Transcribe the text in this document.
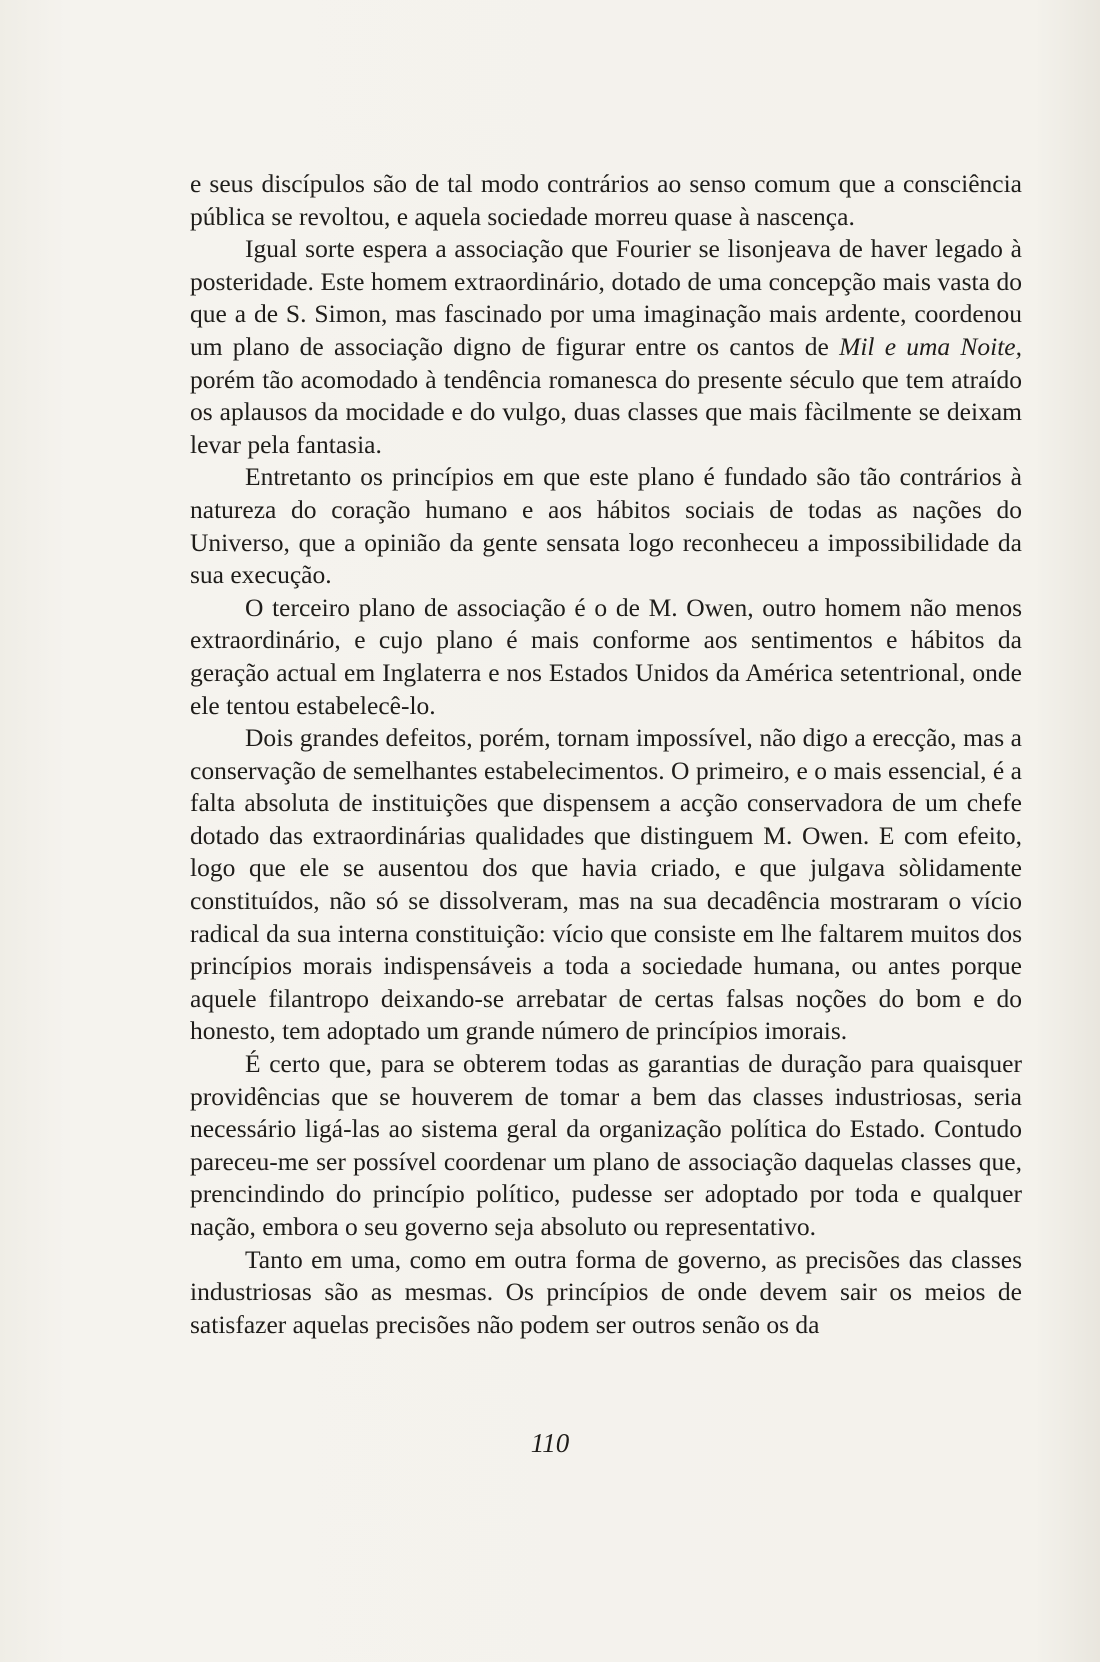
e seus discípulos são de tal modo contrários ao senso comum que a consciência pública se revoltou, e aquela sociedade morreu quase à nascença.

Igual sorte espera a associação que Fourier se lisonjeava de haver legado à posteridade. Este homem extraordinário, dotado de uma concepção mais vasta do que a de S. Simon, mas fascinado por uma imaginação mais ardente, coordenou um plano de associação digno de figurar entre os cantos de Mil e uma Noite, porém tão acomodado à tendência romanesca do presente século que tem atraído os aplausos da mocidade e do vulgo, duas classes que mais fàcilmente se deixam levar pela fantasia.

Entretanto os princípios em que este plano é fundado são tão contrários à natureza do coração humano e aos hábitos sociais de todas as nações do Universo, que a opinião da gente sensata logo reconheceu a impossibilidade da sua execução.

O terceiro plano de associação é o de M. Owen, outro homem não menos extraordinário, e cujo plano é mais conforme aos sentimentos e hábitos da geração actual em Inglaterra e nos Estados Unidos da América setentrional, onde ele tentou estabelecê-lo.

Dois grandes defeitos, porém, tornam impossível, não digo a erecção, mas a conservação de semelhantes estabelecimentos. O primeiro, e o mais essencial, é a falta absoluta de instituições que dispensem a acção conservadora de um chefe dotado das extraordinárias qualidades que distinguem M. Owen. E com efeito, logo que ele se ausentou dos que havia criado, e que julgava sòlidamente constituídos, não só se dissolveram, mas na sua decadência mostraram o vício radical da sua interna constituição: vício que consiste em lhe faltarem muitos dos princípios morais indispensáveis a toda a sociedade humana, ou antes porque aquele filantropo deixando-se arrebatar de certas falsas noções do bom e do honesto, tem adoptado um grande número de princípios imorais.

É certo que, para se obterem todas as garantias de duração para quaisquer providências que se houverem de tomar a bem das classes industriosas, seria necessário ligá-las ao sistema geral da organização política do Estado. Contudo pareceu-me ser possível coordenar um plano de associação daquelas classes que, prencindindo do princípio político, pudesse ser adoptado por toda e qualquer nação, embora o seu governo seja absoluto ou representativo.

Tanto em uma, como em outra forma de governo, as precisões das classes industriosas são as mesmas. Os princípios de onde devem sair os meios de satisfazer aquelas precisões não podem ser outros senão os da

110
